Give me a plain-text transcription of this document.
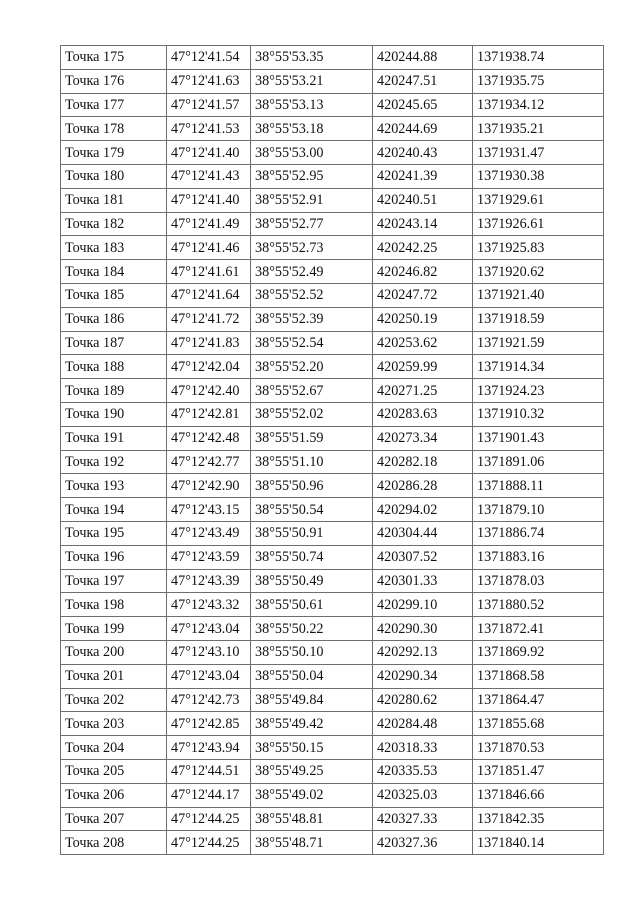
Точка 175	47°12'41.54	38°55'53.35	420244.88	1371938.74
Точка 176	47°12'41.63	38°55'53.21	420247.51	1371935.75
Точка 177	47°12'41.57	38°55'53.13	420245.65	1371934.12
Точка 178	47°12'41.53	38°55'53.18	420244.69	1371935.21
Точка 179	47°12'41.40	38°55'53.00	420240.43	1371931.47
Точка 180	47°12'41.43	38°55'52.95	420241.39	1371930.38
Точка 181	47°12'41.40	38°55'52.91	420240.51	1371929.61
Точка 182	47°12'41.49	38°55'52.77	420243.14	1371926.61
Точка 183	47°12'41.46	38°55'52.73	420242.25	1371925.83
Точка 184	47°12'41.61	38°55'52.49	420246.82	1371920.62
Точка 185	47°12'41.64	38°55'52.52	420247.72	1371921.40
Точка 186	47°12'41.72	38°55'52.39	420250.19	1371918.59
Точка 187	47°12'41.83	38°55'52.54	420253.62	1371921.59
Точка 188	47°12'42.04	38°55'52.20	420259.99	1371914.34
Точка 189	47°12'42.40	38°55'52.67	420271.25	1371924.23
Точка 190	47°12'42.81	38°55'52.02	420283.63	1371910.32
Точка 191	47°12'42.48	38°55'51.59	420273.34	1371901.43
Точка 192	47°12'42.77	38°55'51.10	420282.18	1371891.06
Точка 193	47°12'42.90	38°55'50.96	420286.28	1371888.11
Точка 194	47°12'43.15	38°55'50.54	420294.02	1371879.10
Точка 195	47°12'43.49	38°55'50.91	420304.44	1371886.74
Точка 196	47°12'43.59	38°55'50.74	420307.52	1371883.16
Точка 197	47°12'43.39	38°55'50.49	420301.33	1371878.03
Точка 198	47°12'43.32	38°55'50.61	420299.10	1371880.52
Точка 199	47°12'43.04	38°55'50.22	420290.30	1371872.41
Точка 200	47°12'43.10	38°55'50.10	420292.13	1371869.92
Точка 201	47°12'43.04	38°55'50.04	420290.34	1371868.58
Точка 202	47°12'42.73	38°55'49.84	420280.62	1371864.47
Точка 203	47°12'42.85	38°55'49.42	420284.48	1371855.68
Точка 204	47°12'43.94	38°55'50.15	420318.33	1371870.53
Точка 205	47°12'44.51	38°55'49.25	420335.53	1371851.47
Точка 206	47°12'44.17	38°55'49.02	420325.03	1371846.66
Точка 207	47°12'44.25	38°55'48.81	420327.33	1371842.35
Точка 208	47°12'44.25	38°55'48.71	420327.36	1371840.14
